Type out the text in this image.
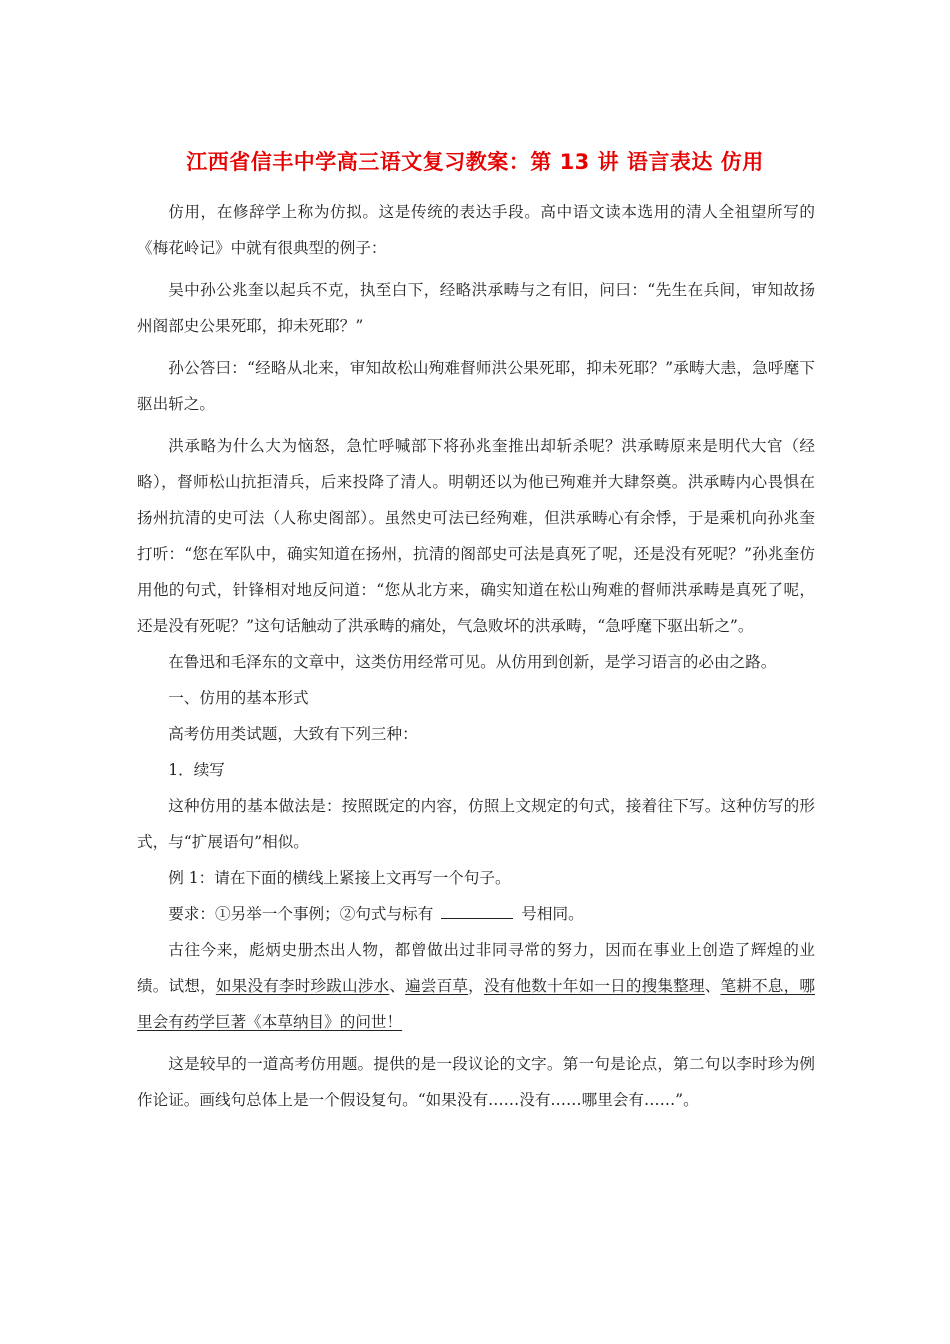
江西省信丰中学高三语文复习教案：第 13 讲 语言表达 仿用

仿用，在修辞学上称为仿拟。这是传统的表达手段。高中语文读本选用的清人全祖望所写的《梅花岭记》中就有很典型的例子：

吴中孙公兆奎以起兵不克，执至白下，经略洪承畴与之有旧，问曰：“先生在兵间，审知故扬州阁部史公果死耶，抑未死耶？”

孙公答曰：“经略从北来，审知故松山殉难督师洪公果死耶，抑未死耶？”承畴大恚，急呼麾下驱出斩之。

洪承略为什么大为恼怒，急忙呼喊部下将孙兆奎推出却斩杀呢？洪承畴原来是明代大官（经略），督师松山抗拒清兵，后来投降了清人。明朝还以为他已殉难并大肆祭奠。洪承畴内心畏惧在扬州抗清的史可法（人称史阁部）。虽然史可法已经殉难，但洪承畴心有余悸，于是乘机向孙兆奎打听：“您在军队中，确实知道在扬州，抗清的阁部史可法是真死了呢，还是没有死呢？”孙兆奎仿用他的句式，针锋相对地反问道：“您从北方来，确实知道在松山殉难的督师洪承畴是真死了呢，还是没有死呢？”这句话触动了洪承畴的痛处，气急败坏的洪承畴，“急呼麾下驱出斩之”。

在鲁迅和毛泽东的文章中，这类仿用经常可见。从仿用到创新，是学习语言的必由之路。

一、仿用的基本形式

高考仿用类试题，大致有下列三种：

1．续写

这种仿用的基本做法是：按照既定的内容，仿照上文规定的句式，接着往下写。这种仿写的形式，与“扩展语句”相似。

例 1：请在下面的横线上紧接上文再写一个句子。

要求：①另举一个事例；②句式与标有	号相同。

古往今来，彪炳史册杰出人物，都曾做出过非同寻常的努力，因而在事业上创造了辉煌的业绩。试想，如果没有李时珍跋山涉水、遍尝百草，没有他数十年如一日的搜集整理、笔耕不息，哪里会有药学巨著《本草纳目》的问世！

这是较早的一道高考仿用题。提供的是一段议论的文字。第一句是论点，第二句以李时珍为例作论证。画线句总体上是一个假设复句。“如果没有……没有……哪里会有……”。
